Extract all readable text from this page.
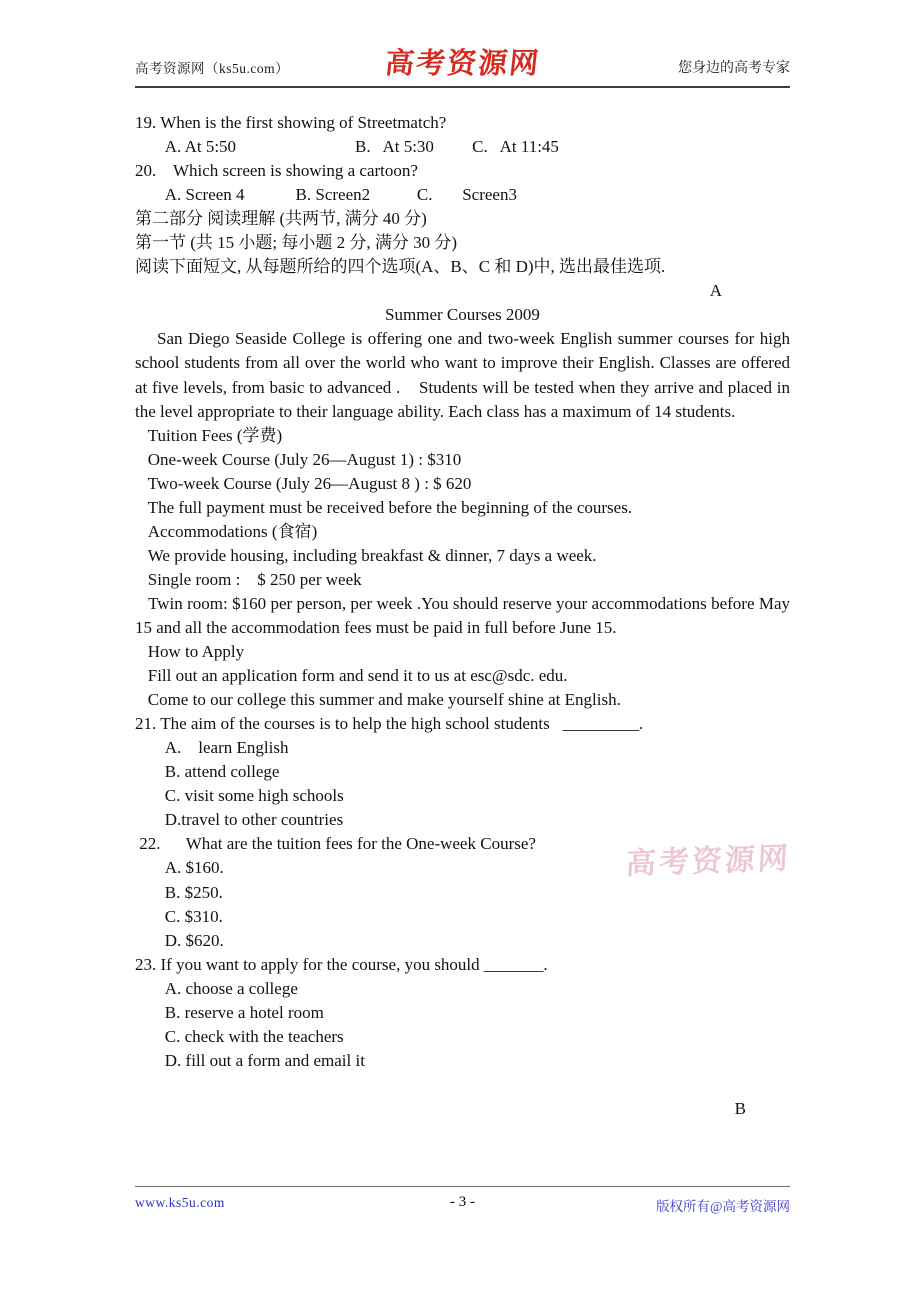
高考资源网（ks5u.com）	高考资源网	您身边的高考专家
19. When is the first showing of Streetmatch?
A. At 5:50                            B.   At 5:30         C.   At 11:45
20.    Which screen is showing a cartoon?
A. Screen 4            B. Screen2           C.       Screen3
第二部分 阅读理解 (共两节, 满分 40 分)
第一节 (共 15 小题; 每小题 2 分, 满分 30 分)
阅读下面短文, 从每题所给的四个选项(A、B、C 和 D)中, 选出最佳选项.
A
Summer Courses 2009
San Diego Seaside College is offering one and two-week English summer courses for high school students from all over the world who want to improve their English. Classes are offered at five levels, from basic to advanced .    Students will be tested when they arrive and placed in the level appropriate to their language ability. Each class has a maximum of 14 students.
Tuition Fees (学费)
One-week Course (July 26—August 1) : $310
Two-week Course (July 26—August 8 ) : $ 620
The full payment must be received before the beginning of the courses.
Accommodations (食宿)
We provide housing, including breakfast & dinner, 7 days a week.
Single room :    $ 250 per week
Twin room: $160 per person, per week .You should reserve your accommodations before May 15 and all the accommodation fees must be paid in full before June 15.
How to Apply
Fill out an application form and send it to us at esc@sdc. edu.
Come to our college this summer and make yourself shine at English.
21. The aim of the courses is to help the high school students   _________.
A.    learn English
B. attend college
C. visit some high schools
D.travel to other countries
22.      What are the tuition fees for the One-week Course?
A. $160.
B. $250.
C. $310.
D. $620.
23. If you want to apply for the course, you should _______.
A. choose a college
B. reserve a hotel room
C. check with the teachers
D. fill out a form and email it

B
高考资源网
www.ks5u.com	- 3 -	版权所有@高考资源网
